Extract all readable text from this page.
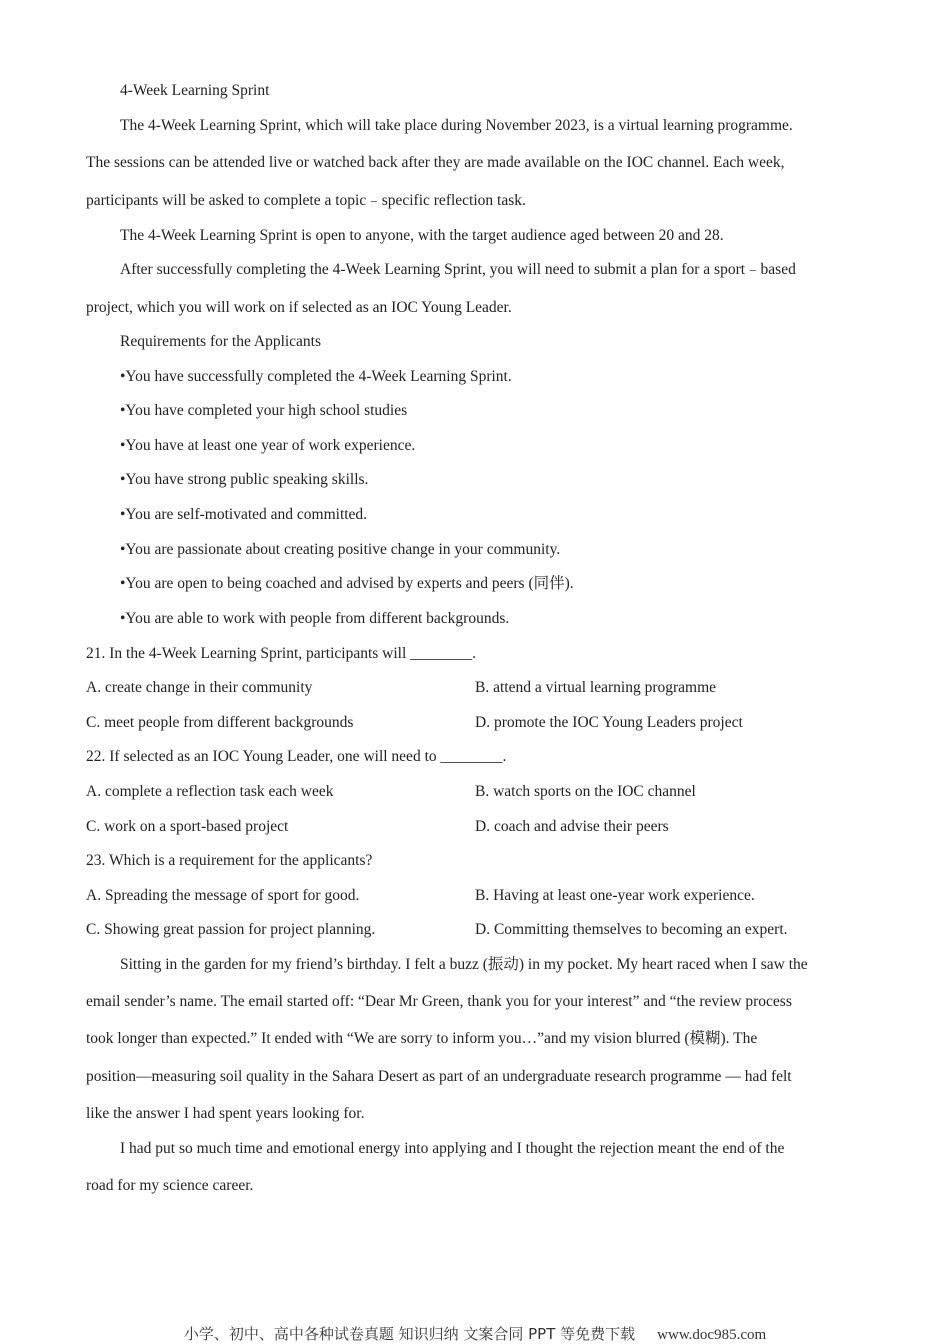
4-Week Learning Sprint
The 4-Week Learning Sprint, which will take place during November 2023, is a virtual learning programme.
The sessions can be attended live or watched back after they are made available on the IOC channel. Each week,
participants will be asked to complete a topic﹣specific reflection task.
The 4-Week Learning Sprint is open to anyone, with the target audience aged between 20 and 28.
After successfully completing the 4-Week Learning Sprint, you will need to submit a plan for a sport﹣based
project, which you will work on if selected as an IOC Young Leader.
Requirements for the Applicants
•You have successfully completed the 4-Week Learning Sprint.
•You have completed your high school studies
•You have at least one year of work experience.
•You have strong public speaking skills.
•You are self-motivated and committed.
•You are passionate about creating positive change in your community.
•You are open to being coached and advised by experts and peers (同伴).
•You are able to work with people from different backgrounds.
21. In the 4-Week Learning Sprint, participants will ________.
A. create change in their community	B. attend a virtual learning programme
C. meet people from different backgrounds	D. promote the IOC Young Leaders project
22. If selected as an IOC Young Leader, one will need to ________.
A. complete a reflection task each week	B. watch sports on the IOC channel
C. work on a sport-based project	D. coach and advise their peers
23. Which is a requirement for the applicants?
A. Spreading the message of sport for good.	B. Having at least one-year work experience.
C. Showing great passion for project planning.	D. Committing themselves to becoming an expert.
Sitting in the garden for my friend’s birthday. I felt a buzz (振动) in my pocket. My heart raced when I saw the
email sender’s name. The email started off: “Dear Mr Green, thank you for your interest” and “the review process
took longer than expected.” It ended with “We are sorry to inform you…”and my vision blurred (模糊). The
position—measuring soil quality in the Sahara Desert as part of an undergraduate research programme — had felt
like the answer I had spent years looking for.
I had put so much time and emotional energy into applying and I thought the rejection meant the end of the
road for my science career.
小学、初中、高中各种试卷真题 知识归纳 文案合同 PPT 等免费下载 www.doc985.com
